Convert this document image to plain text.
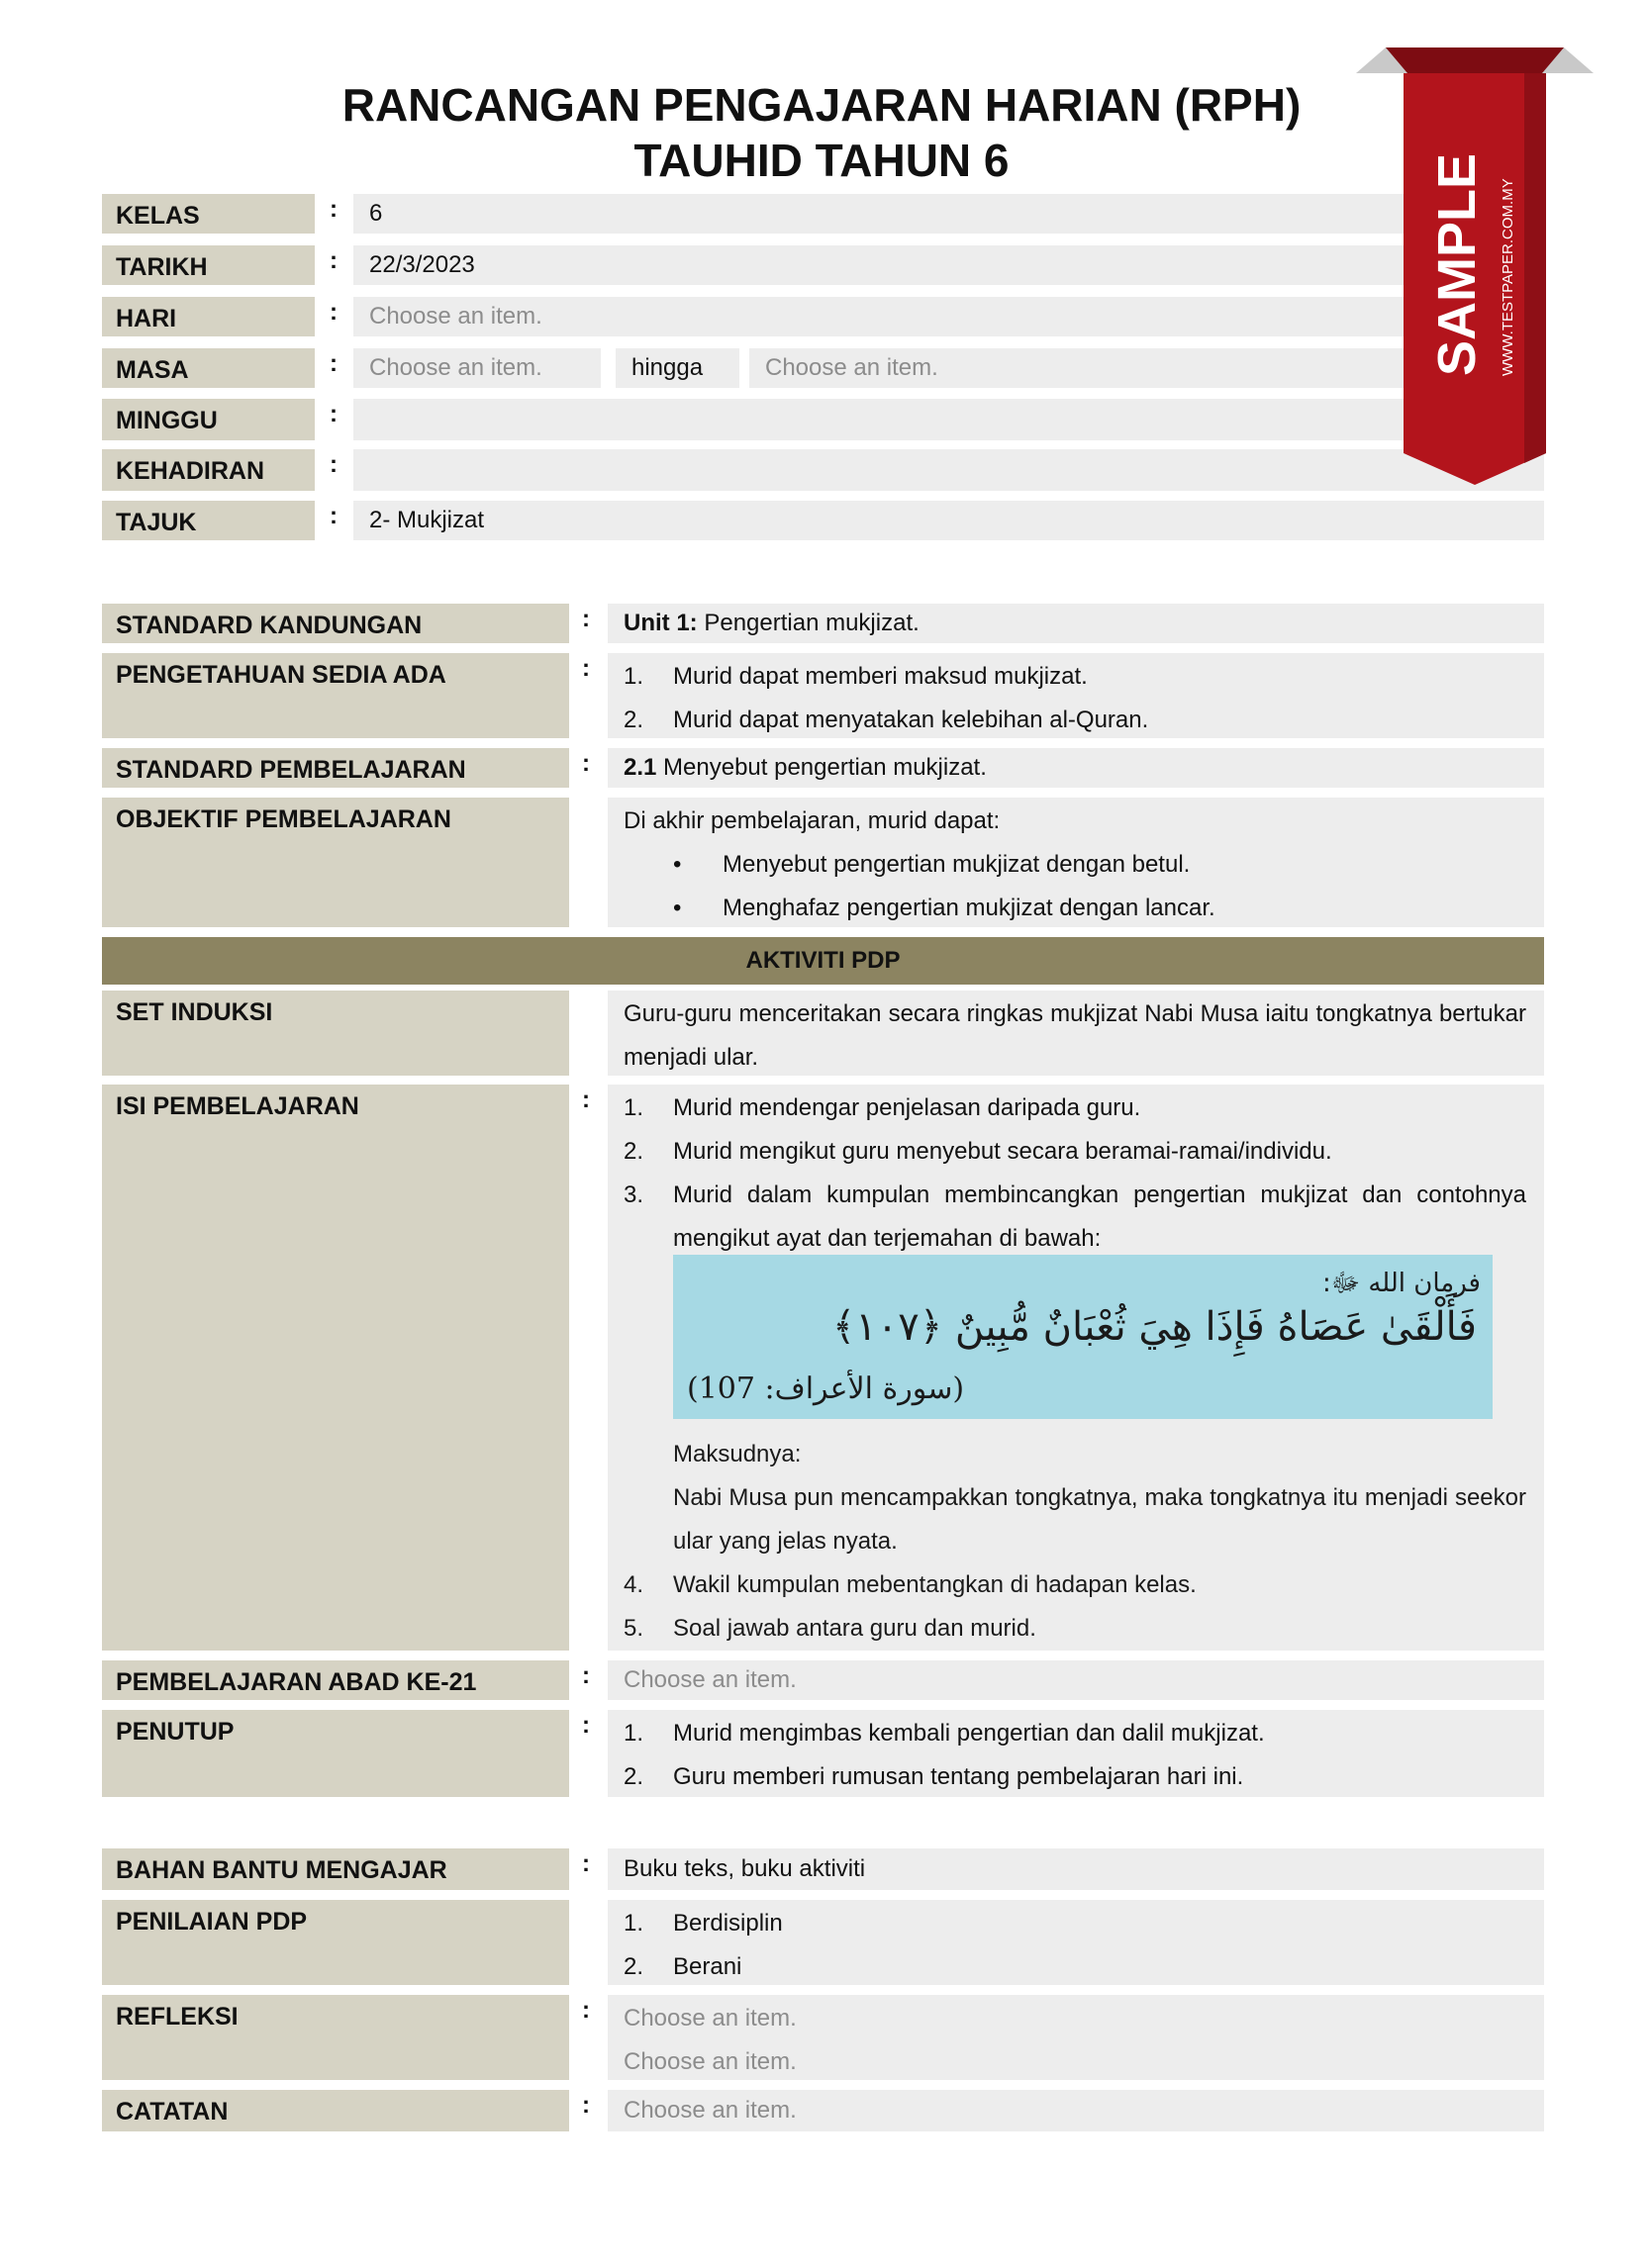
RANCANGAN PENGAJARAN HARIAN (RPH)
TAUHID TAHUN 6
KELAS	:	6
TARIKH	:	22/3/2023
HARI	:	Choose an item.
MASA	:	Choose an item.	hingga	Choose an item.
MINGGU	:
KEHADIRAN	:
TAJUK	:	2- Mukjizat
STANDARD KANDUNGAN	:	Unit 1: Pengertian mukjizat.
PENGETAHUAN SEDIA ADA	: 1. Murid dapat memberi maksud mukjizat.
2. Murid dapat menyatakan kelebihan al-Quran.
STANDARD PEMBELAJARAN	:	2.1 Menyebut pengertian mukjizat.
OBJEKTIF PEMBELAJARAN	Di akhir pembelajaran, murid dapat:
• Menyebut pengertian mukjizat dengan betul.
• Menghafaz pengertian mukjizat dengan lancar.
AKTIVITI PDP
SET INDUKSI	Guru-guru menceritakan secara ringkas mukjizat Nabi Musa iaitu tongkatnya bertukar menjadi ular.
ISI PEMBELAJARAN	: 1. Murid mendengar penjelasan daripada guru.
2. Murid mengikut guru menyebut secara beramai-ramai/individu.
3. Murid dalam kumpulan membincangkan pengertian mukjizat dan contohnya mengikut ayat dan terjemahan di bawah:
فرمان الله ﷻ:
فَأَلْقَىٰ عَصَاهُ فَإِذَا هِيَ ثُعْبَانٌ مُّبِينٌ ﴿١٠٧﴾
(سورة الأعراف: 107)
Maksudnya:
Nabi Musa pun mencampakkan tongkatnya, maka tongkatnya itu menjadi seekor ular yang jelas nyata.
4. Wakil kumpulan mebentangkan di hadapan kelas.
5. Soal jawab antara guru dan murid.
PEMBELAJARAN ABAD KE-21	:	Choose an item.
PENUTUP	: 1. Murid mengimbas kembali pengertian dan dalil mukjizat.
2. Guru memberi rumusan tentang pembelajaran hari ini.
BAHAN BANTU MENGAJAR	:	Buku teks, buku aktiviti
PENILAIAN PDP	1. Berdisiplin
2. Berani
REFLEKSI	: Choose an item.
Choose an item.
CATATAN	:	Choose an item.
SAMPLE WWW.TESTPAPER.COM.MY
